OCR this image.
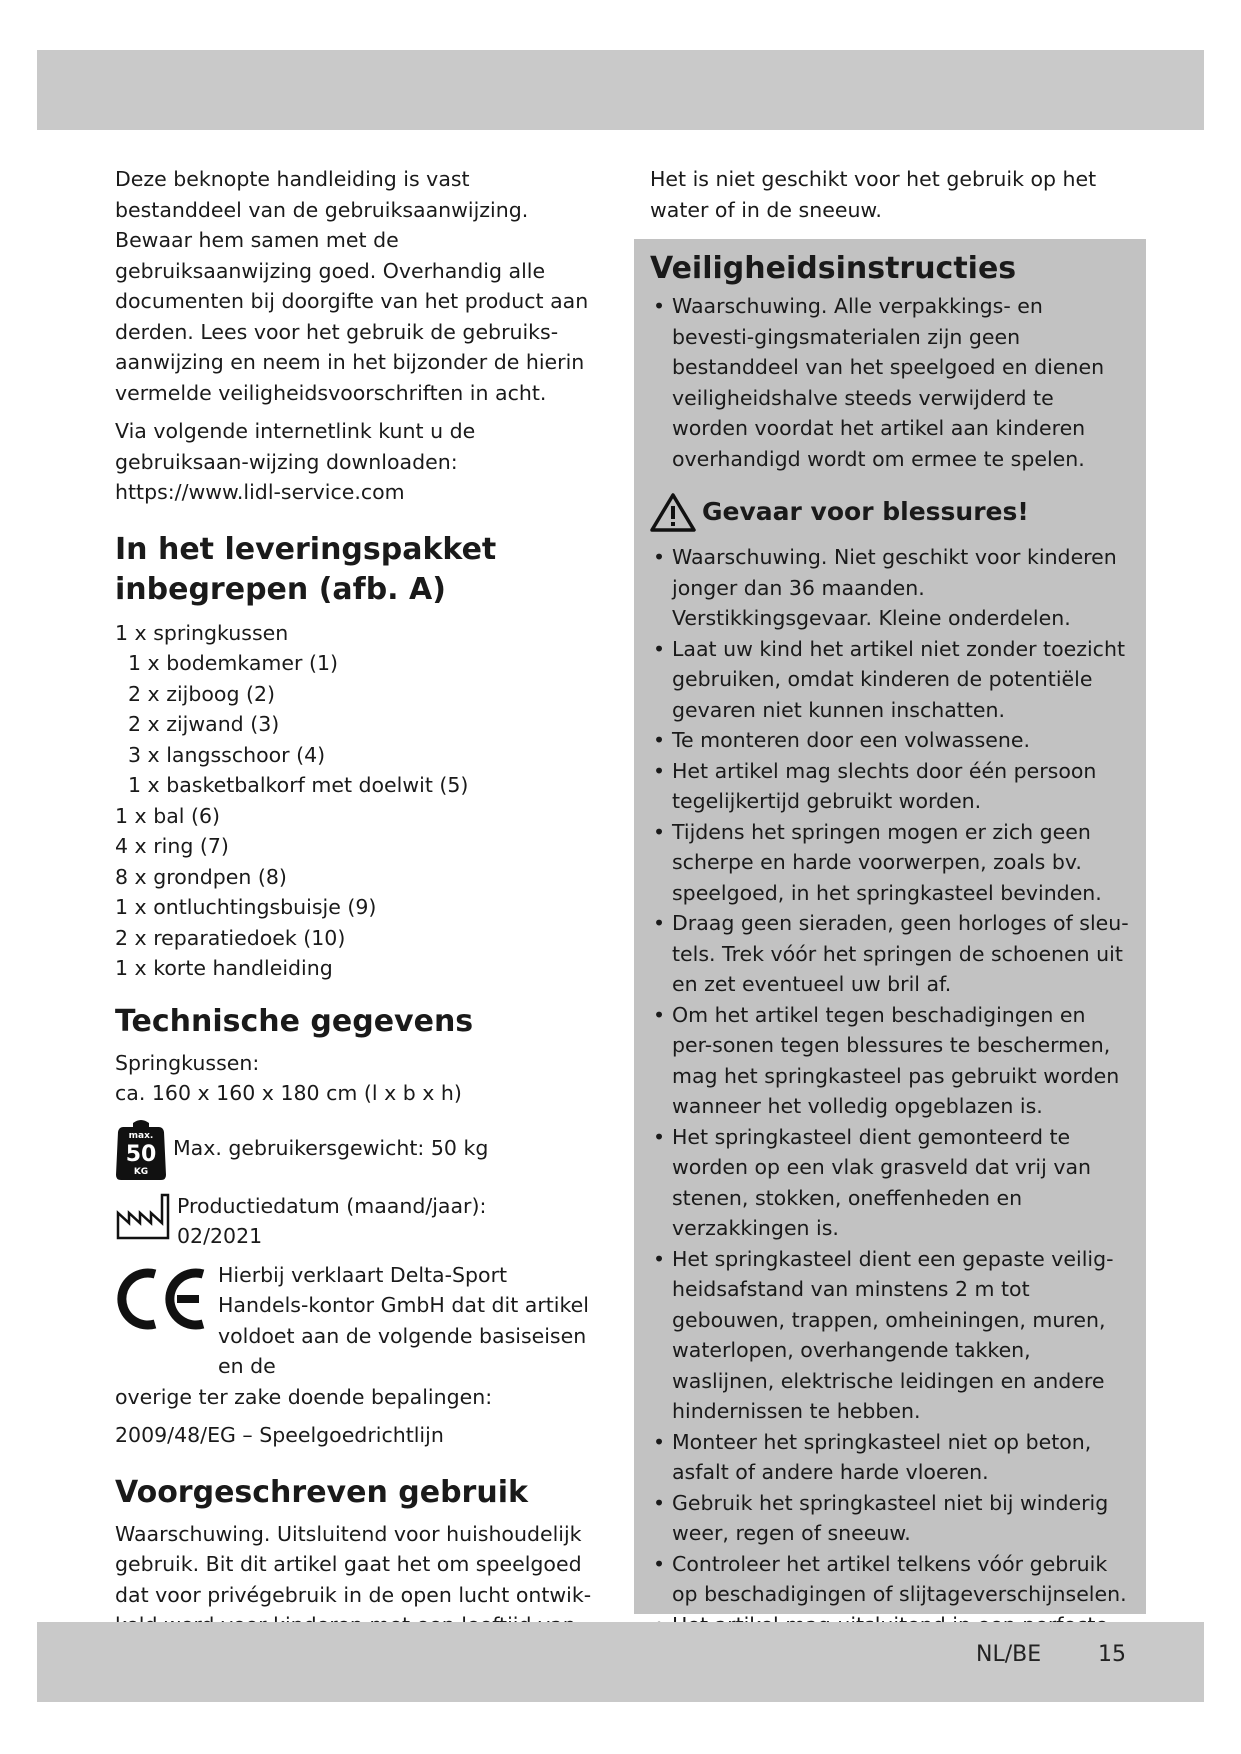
Deze beknopte handleiding is vast bestanddeel van de gebruiksaanwijzing. Bewaar hem samen met de gebruiksaanwijzing goed. Overhandig alle documenten bij doorgifte van het product aan derden. Lees voor het gebruik de gebruiks-aanwijzing en neem in het bijzonder de hierin vermelde veiligheidsvoorschriften in acht.

Via volgende internetlink kunt u de gebruiksaan-wijzing downloaden:

https://www.lidl-service.com

In het leveringspakket inbegrepen (afb. A)
1 x springkussen
1 x bodemkamer (1)
2 x zijboog (2)
2 x zijwand (3)
3 x langsschoor (4)
1 x basketbalkorf met doelwit (5)
1 x bal (6)
4 x ring (7)
8 x grondpen (8)
1 x ontluchtingsbuisje (9)
2 x reparatiedoek (10)
1 x korte handleiding
Technische gegevens

Springkussen:

ca. 160 x 160 x 180 cm (l x b x h)

max.
50
KG

Max. gebruikersgewicht: 50 kg

Productiedatum (maand/jaar):

02/2021

Hierbij verklaart Delta-Sport Handels-kontor GmbH dat dit artikel voldoet aan de volgende basiseisen en de

overige ter zake doende bepalingen:

2009/48/EG – Speelgoedrichtlijn

Voorgeschreven gebruik

Waarschuwing. Uitsluitend voor huishoudelijk gebruik. Bit dit artikel gaat het om speelgoed dat voor privégebruik in de open lucht ontwik-

Het is niet geschikt voor het gebruik op het water of in de sneeuw.

Veiligheidsinstructies
• Waarschuwing. Alle verpakkings- en bevesti-gingsmaterialen zijn geen bestanddeel van het speelgoed en dienen veiligheidshalve steeds verwijderd te worden voordat het artikel aan kinderen overhandigd wordt om ermee te spelen.
Gevaar voor blessures!
• Waarschuwing. Niet geschikt voor kinderen jonger dan 36 maanden. Verstikkingsgevaar. Kleine onderdelen.
• Laat uw kind het artikel niet zonder toezicht gebruiken, omdat kinderen de potentiële gevaren niet kunnen inschatten.
• Te monteren door een volwassene.
• Het artikel mag slechts door één persoon tegelijkertijd gebruikt worden.
• Tijdens het springen mogen er zich geen scherpe en harde voorwerpen, zoals bv. speelgoed, in het springkasteel bevinden.
• Draag geen sieraden, geen horloges of sleu-tels. Trek vóór het springen de schoenen uit en zet eventueel uw bril af.
• Om het artikel tegen beschadigingen en per-sonen tegen blessures te beschermen, mag het springkasteel pas gebruikt worden wanneer het volledig opgeblazen is.
• Het springkasteel dient gemonteerd te worden op een vlak grasveld dat vrij van stenen, stokken, oneffenheden en verzakkingen is.
• Het springkasteel dient een gepaste veilig-heidsafstand van minstens 2 m tot gebouwen, trappen, omheiningen, muren, waterlopen, overhangende takken, waslijnen, elektrische leidingen en andere hindernissen te hebben.
• Monteer het springkasteel niet op beton, asfalt of andere harde vloeren.
• Gebruik het springkasteel niet bij winderig weer, regen of sneeuw.
• Controleer het artikel telkens vóór gebruik op beschadigingen of slijtageverschijnselen.
•
NL/BE	15
